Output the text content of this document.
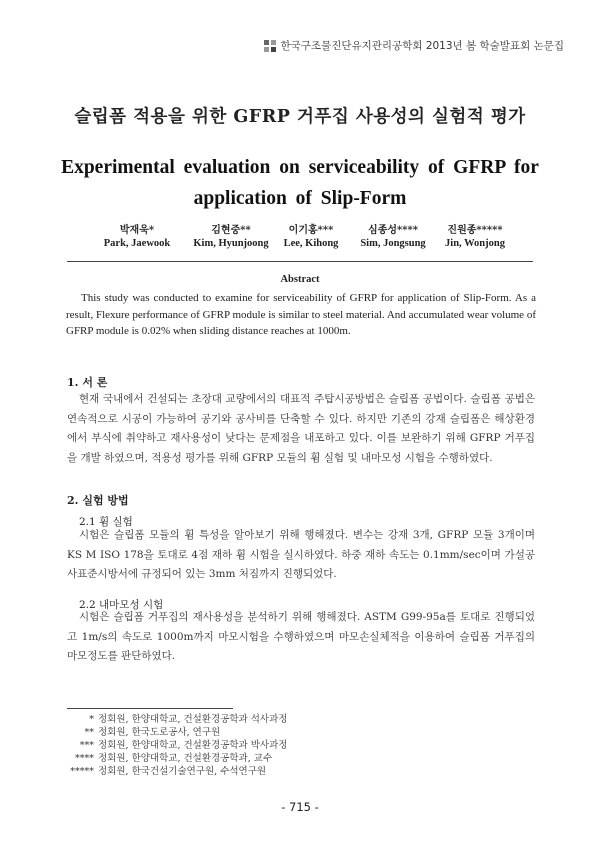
한국구조물진단유지관리공학회 2013년 봄 학술발표회 논문집
슬립폼 적용을 위한 GFRP 거푸집 사용성의 실험적 평가
Experimental evaluation on serviceability of GFRP for application of Slip-Form
박재욱*
Park, Jaewook
김현중**
Kim, Hyunjoong
이기홍***
Lee, Kihong
심종성****
Sim, Jongsung
진원종*****
Jin, Wonjong
Abstract

This study was conducted to examine for serviceability of GFRP for application of Slip-Form. As a result, Flexure performance of GFRP module is similar to steel material. And accumulated wear volume of GFRP module is 0.02% when sliding distance reaches at 1000m.

1. 서 론

현재 국내에서 건설되는 초장대 교량에서의 대표적 주탑시공방법은 슬립폼 공법이다. 슬립폼 공법은 연속적으로 시공이 가능하여 공기와 공사비를 단축할 수 있다. 하지만 기존의 강재 슬립폼은 해상환경에서 부식에 취약하고 재사용성이 낮다는 문제점을 내포하고 있다. 이를 보완하기 위해 GFRP 거푸집을 개발 하였으며, 적용성 평가를 위해 GFRP 모듈의 휨 실험 및 내마모성 시험을 수행하였다.

2. 실험 방법
2.1 휨 실험

시험은 슬립폼 모듈의 휨 특성을 알아보기 위해 행해졌다. 변수는 강재 3개, GFRP 모듈 3개이며 KS M ISO 178을 토대로 4점 재하 휨 시험을 실시하였다. 하중 재하 속도는 0.1mm/sec이며 가설공사표준시방서에 규정되어 있는 3mm 처짐까지 진행되었다.

2.2 내마모성 시험

시험은 슬립폼 거푸집의 재사용성을 분석하기 위해 행해졌다. ASTM G99-95a를 토대로 진행되었고 1m/s의 속도로 1000m까지 마모시험을 수행하였으며 마모손실체적을 이용하여 슬립폼 거푸집의 마모정도를 판단하였다.

* 정회원, 한양대학교, 건설환경공학과 석사과정
** 정회원, 한국도로공사, 연구원
*** 정회원, 한양대학교, 건설환경공학과 박사과정
**** 정회원, 한양대학교, 건설환경공학과, 교수
***** 정회원, 한국건설기술연구원, 수석연구원
- 715 -
